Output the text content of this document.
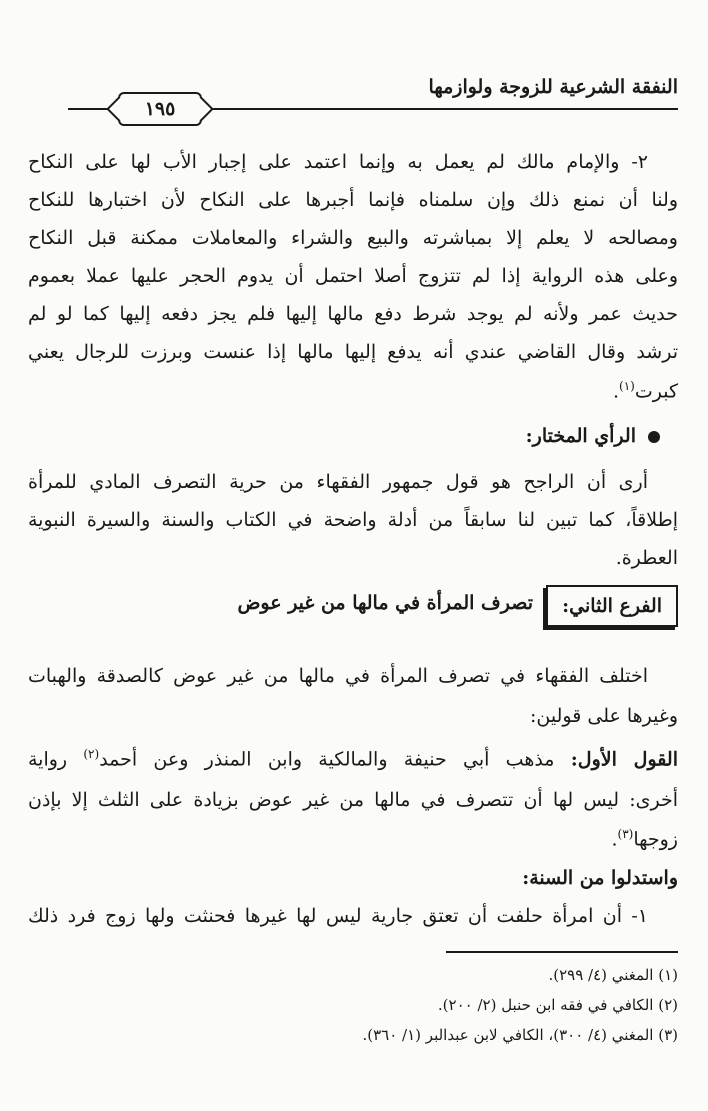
النفقة الشرعية للزوجة ولوازمها
١٩٥
٢- والإمام مالك لم يعمل به وإنما اعتمد على إجبار الأب لها على النكاح
ولنا أن نمنع ذلك وإن سلمناه فإنما أجبرها على النكاح لأن اختبارها للنكاح
ومصالحه لا يعلم إلا بمباشرته والبيع والشراء والمعاملات ممكنة قبل النكاح
وعلى هذه الرواية إذا لم تتزوج أصلا احتمل أن يدوم الحجر عليها عملا بعموم
حديث عمر ولأنه لم يوجد شرط دفع مالها إليها فلم يجز دفعه إليها كما لو لم
ترشد وقال القاضي عندي أنه يدفع إليها مالها إذا عنست وبرزت للرجال يعني
كبرت$^{(١)}$.
الرأي المختار:
أرى أن الراجح هو قول جمهور الفقهاء من حرية التصرف المادي للمرأة
إطلاقاً، كما تبين لنا سابقاً من أدلة واضحة في الكتاب والسنة والسيرة النبوية
العطرة.
الفرع الثاني:
تصرف المرأة في مالها من غير عوض
اختلف الفقهاء في تصرف المرأة في مالها من غير عوض كالصدقة والهبات
وغيرها على قولين:
القول الأول: مذهب أبي حنيفة والمالكية وابن المنذر وعن أحمد$^{(٢)}$ رواية
أخرى: ليس لها أن تتصرف في مالها من غير عوض بزيادة على الثلث إلا بإذن
زوجها$^{(٣)}$.
واستدلوا من السنة:
١- أن امرأة حلفت أن تعتق جارية ليس لها غيرها فحنثت ولها زوج فرد ذلك
(١) المغني (٤/ ٢٩٩).
(٢) الكافي في فقه ابن حنبل (٢/ ٢٠٠).
(٣) المغني (٤/ ٣٠٠)، الكافي لابن عبدالبر (١/ ٣٦٠).
